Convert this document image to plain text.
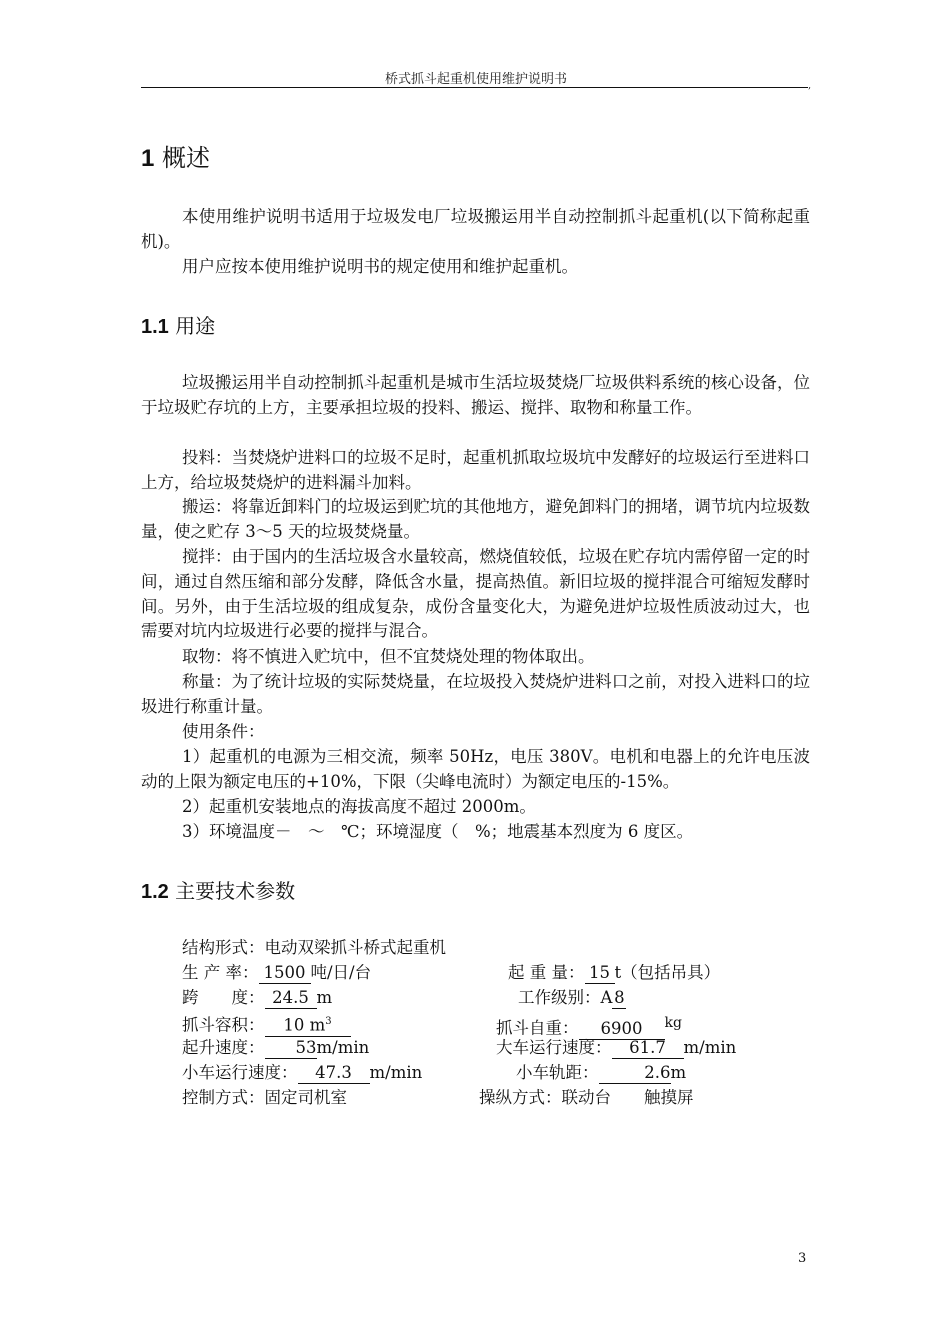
桥式抓斗起重机使用维护说明书	,
1 概述

本使用维护说明书适用于垃圾发电厂垃圾搬运用半自动控制抓斗起重机(以下简称起重机)。

用户应按本使用维护说明书的规定使用和维护起重机。

1.1 用途

垃圾搬运用半自动控制抓斗起重机是城市生活垃圾焚烧厂垃圾供料系统的核心设备，位于垃圾贮存坑的上方，主要承担垃圾的投料、搬运、搅拌、取物和称量工作。

投料：当焚烧炉进料口的垃圾不足时，起重机抓取垃圾坑中发酵好的垃圾运行至进料口上方，给垃圾焚烧炉的进料漏斗加料。

搬运：将靠近卸料门的垃圾运到贮坑的其他地方，避免卸料门的拥堵，调节坑内垃圾数量，使之贮存 3～5 天的垃圾焚烧量。

搅拌：由于国内的生活垃圾含水量较高，燃烧值较低，垃圾在贮存坑内需停留一定的时间，通过自然压缩和部分发酵，降低含水量，提高热值。新旧垃圾的搅拌混合可缩短发酵时间。另外，由于生活垃圾的组成复杂，成份含量变化大，为避免进炉垃圾性质波动过大，也需要对坑内垃圾进行必要的搅拌与混合。

取物：将不慎进入贮坑中，但不宜焚烧处理的物体取出。

称量：为了统计垃圾的实际焚烧量，在垃圾投入焚烧炉进料口之前，对投入进料口的垃圾进行称重计量。

使用条件：

1）起重机的电源为三相交流，频率 50Hz，电压 380V。电机和电器上的允许电压波动的上限为额定电压的+10%，下限（尖峰电流时）为额定电压的-15%。

2）起重机安装地点的海拔高度不超过 2000m。

3）环境温度－　～　℃；环境湿度（　%；地震基本烈度为 6 度区。

1.2 主要技术参数
结构形式：电动双梁抓斗桥式起重机
生 产 率： 1500 吨/日/台	起 重 量： 15 t（包括吊具）
跨　　度： 24.5 m	工作级别：A 8
抓斗容积： 10 $m^3$	抓斗自重： 6900 $^{kg}$
起升速度： 53m/min	大车运行速度： 61.7 m/min
小车运行速度： 47.3 m/min	小车轨距：	2.6m
控制方式：固定司机室	操纵方式：联动台　　触摸屏
3
